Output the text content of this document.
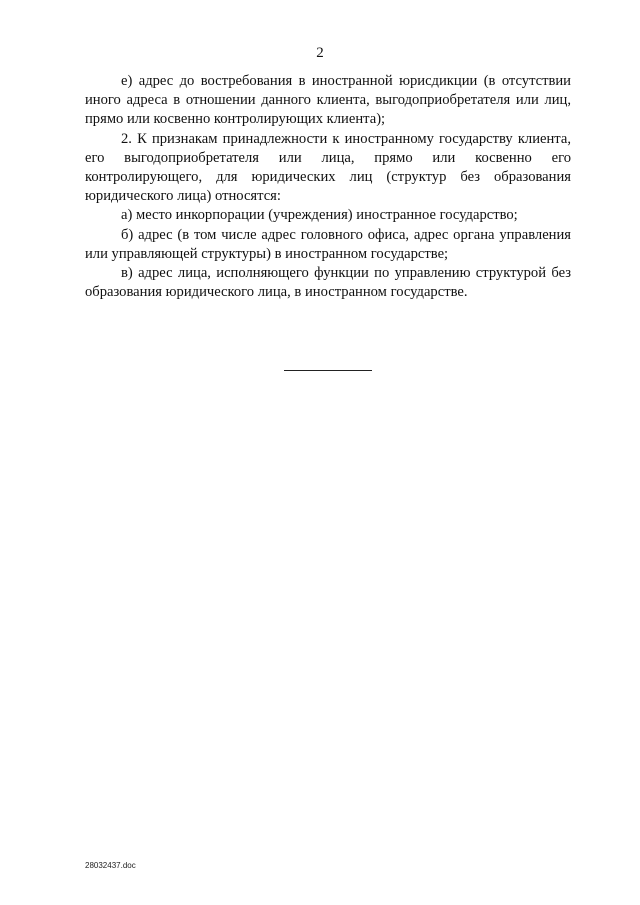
2

е) адрес до востребования в иностранной юрисдикции (в отсутствии иного адреса в отношении данного клиента, выгодоприобретателя или лиц, прямо или косвенно контролирующих клиента);

2. К признакам принадлежности к иностранному государству клиента, его выгодоприобретателя или лица, прямо или косвенно его контролирующего, для юридических лиц (структур без образования юридического лица) относятся:

а) место инкорпорации (учреждения) иностранное государство;

б) адрес (в том числе адрес головного офиса, адрес органа управления или управляющей структуры) в иностранном государстве;

в) адрес лица, исполняющего функции по управлению структурой без образования юридического лица, в иностранном государстве.

28032437.doc
